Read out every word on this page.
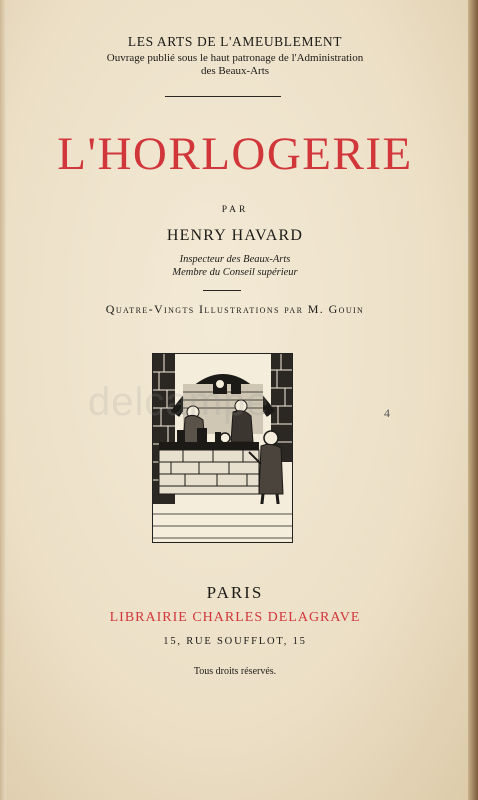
LES ARTS DE L'AMEUBLEMENT
Ouvrage publié sous le haut patronage de l'Administration
des Beaux-Arts
L'HORLOGERIE
PAR
HENRY HAVARD
Inspecteur des Beaux-Arts
Membre du Conseil supérieur
Quatre-Vingts Illustrations par M. Gouin
4
delcampe
PARIS
LIBRAIRIE CHARLES DELAGRAVE
15, RUE SOUFFLOT, 15
Tous droits réservés.
